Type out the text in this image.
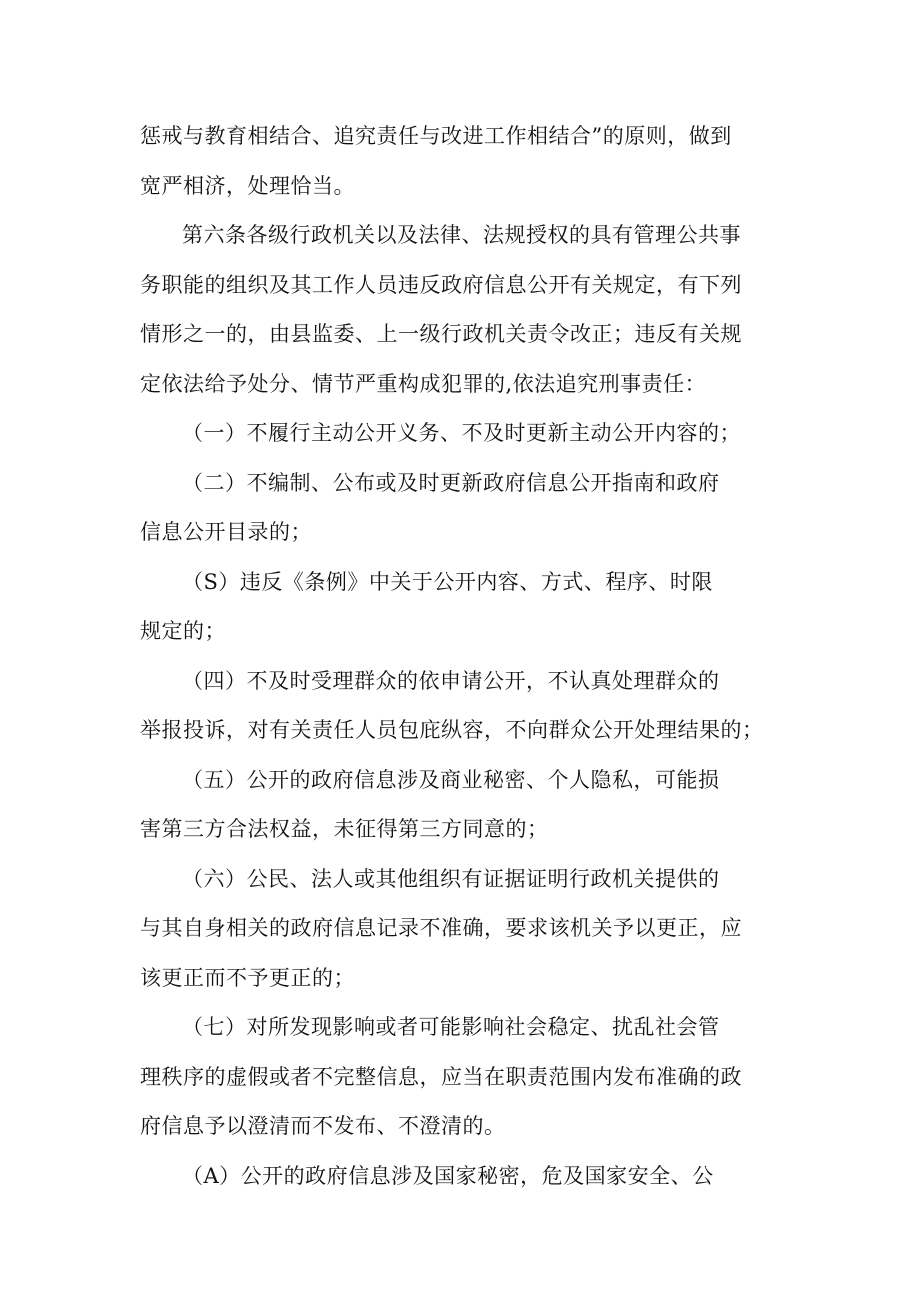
惩戒与教育相结合、追究责任与改进工作相结合”的原则，做到
宽严相济，处理恰当。
第六条各级行政机关以及法律、法规授权的具有管理公共事
务职能的组织及其工作人员违反政府信息公开有关规定，有下列
情形之一的，由县监委、上一级行政机关责令改正；违反有关规
定依法给予处分、情节严重构成犯罪的,依法追究刑事责任：
（一）不履行主动公开义务、不及时更新主动公开内容的；
（二）不编制、公布或及时更新政府信息公开指南和政府
信息公开目录的；
（S）违反《条例》中关于公开内容、方式、程序、时限
规定的；
（四）不及时受理群众的依申请公开，不认真处理群众的
举报投诉，对有关责任人员包庇纵容，不向群众公开处理结果的；
（五）公开的政府信息涉及商业秘密、个人隐私，可能损
害第三方合法权益，未征得第三方同意的；
（六）公民、法人或其他组织有证据证明行政机关提供的
与其自身相关的政府信息记录不准确，要求该机关予以更正，应
该更正而不予更正的；
（七）对所发现影响或者可能影响社会稳定、扰乱社会管
理秩序的虚假或者不完整信息，应当在职责范围内发布准确的政
府信息予以澄清而不发布、不澄清的。
（A）公开的政府信息涉及国家秘密，危及国家安全、公
